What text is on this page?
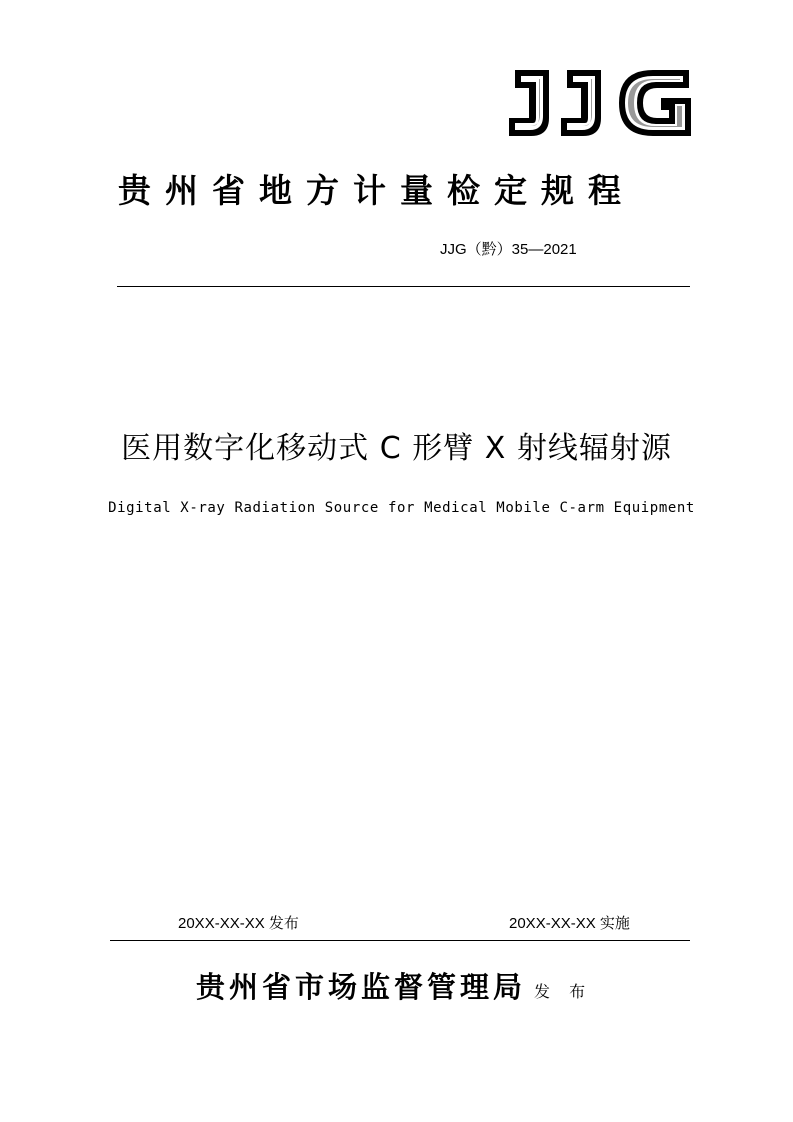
贵州省地方计量检定规程
JJG（黔）35—2021
医用数字化移动式 C 形臂 X 射线辐射源
Digital X-ray Radiation Source for Medical Mobile C-arm Equipment
20XX-XX-XX 发布	20XX-XX-XX 实施
贵州省市场监督管理局 发 布
